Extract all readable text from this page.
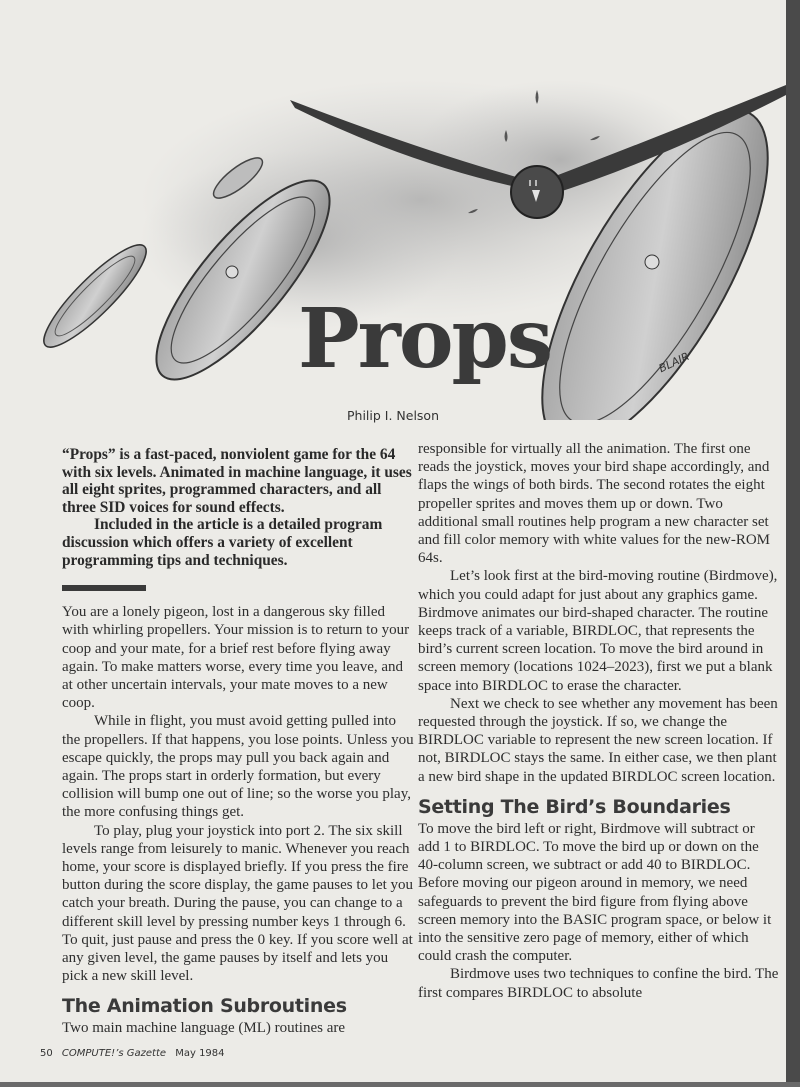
Props	BLAIR
Philip I. Nelson

“Props” is a fast-paced, nonviolent game for the 64 with six levels. Animated in machine language, it uses all eight sprites, programmed characters, and all three SID voices for sound effects.

Included in the article is a detailed program discussion which offers a variety of excellent programming tips and techniques.

You are a lonely pigeon, lost in a dangerous sky filled with whirling propellers. Your mission is to return to your coop and your mate, for a brief rest before flying away again. To make matters worse, every time you leave, and at other uncertain intervals, your mate moves to a new coop.

While in flight, you must avoid getting pulled into the propellers. If that happens, you lose points. Unless you escape quickly, the props may pull you back again and again. The props start in orderly formation, but every collision will bump one out of line; so the worse you play, the more confusing things get.

To play, plug your joystick into port 2. The six skill levels range from leisurely to manic. Whenever you reach home, your score is displayed briefly. If you press the fire button during the score display, the game pauses to let you catch your breath. During the pause, you can change to a different skill level by pressing number keys 1 through 6. To quit, just pause and press the 0 key. If you score well at any given level, the game pauses by itself and lets you pick a new skill level.

The Animation Subroutines

Two main machine language (ML) routines are

responsible for virtually all the animation. The first one reads the joystick, moves your bird shape accordingly, and flaps the wings of both birds. The second rotates the eight propeller sprites and moves them up or down. Two additional small routines help program a new character set and fill color memory with white values for the new-ROM 64s.

Let’s look first at the bird-moving routine (Birdmove), which you could adapt for just about any graphics game. Birdmove animates our bird-shaped character. The routine keeps track of a variable, BIRDLOC, that represents the bird’s current screen location. To move the bird around in screen memory (locations 1024–2023), first we put a blank space into BIRDLOC to erase the character.

Next we check to see whether any movement has been requested through the joystick. If so, we change the BIRDLOC variable to represent the new screen location. If not, BIRDLOC stays the same. In either case, we then plant a new bird shape in the updated BIRDLOC screen location.

Setting The Bird’s Boundaries

To move the bird left or right, Birdmove will subtract or add 1 to BIRDLOC. To move the bird up or down on the 40-column screen, we subtract or add 40 to BIRDLOC. Before moving our pigeon around in memory, we need safeguards to prevent the bird figure from flying above screen memory into the BASIC program space, or below it into the sensitive zero page of memory, either of which could crash the computer.

Birdmove uses two techniques to confine the bird. The first compares BIRDLOC to absolute

50 COMPUTE!’s Gazette May 1984
